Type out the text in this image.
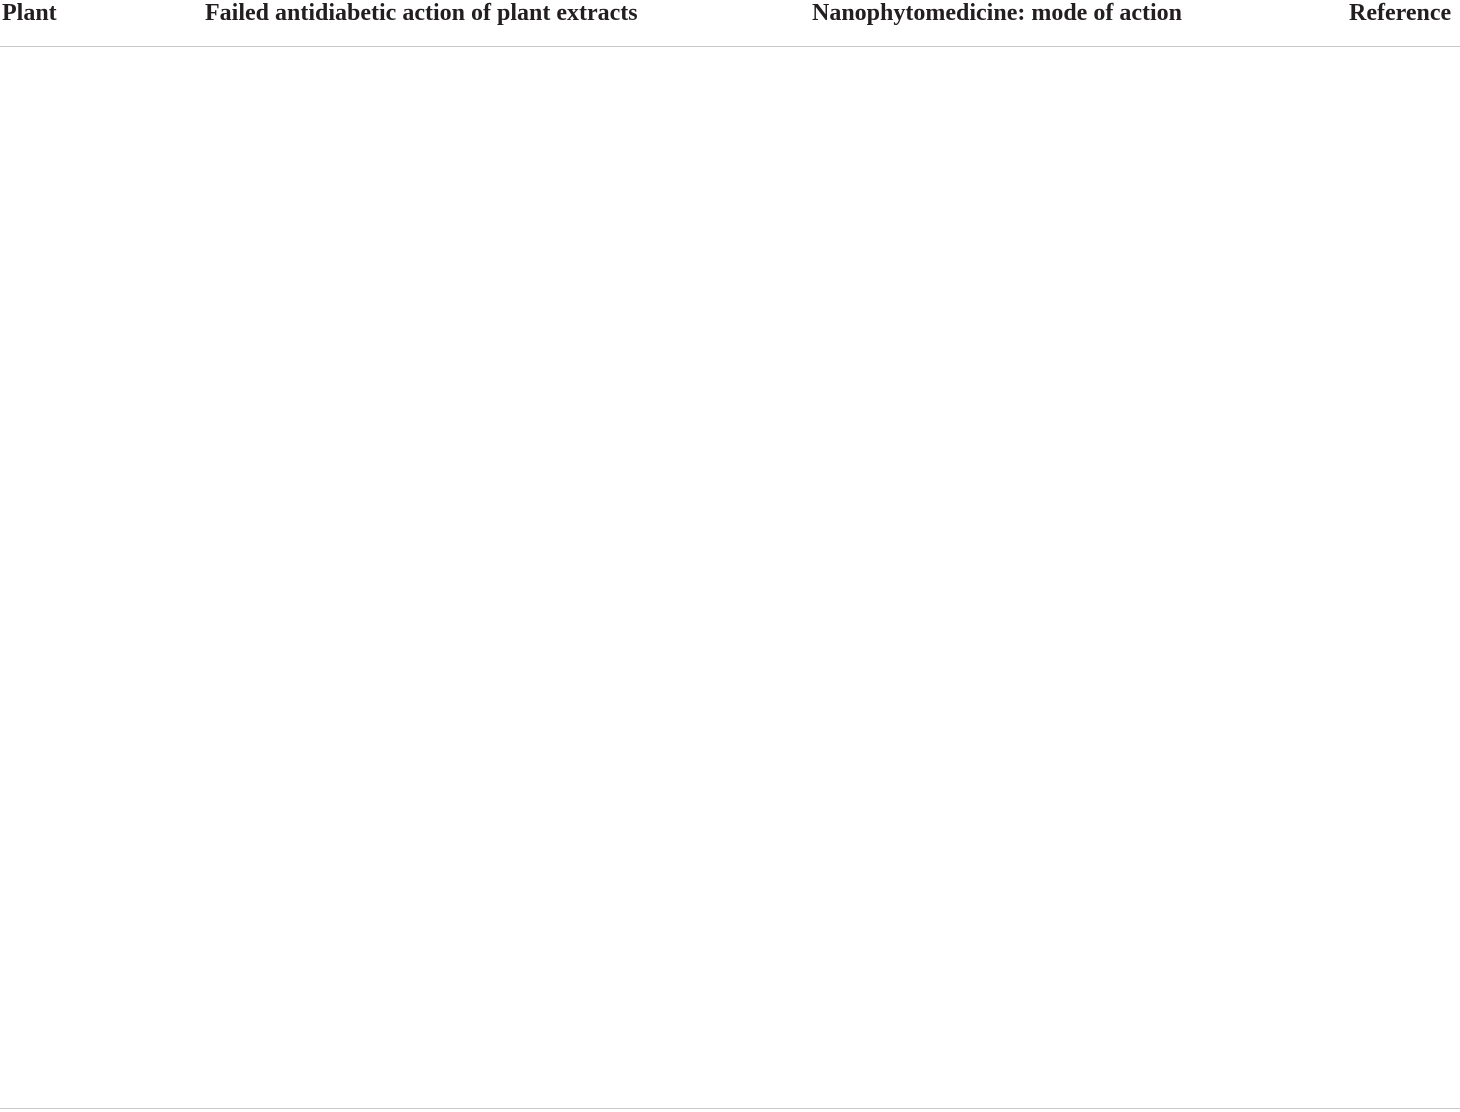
Plant	Failed antidiabetic action of plant extracts	Nanophytomedicine: mode of action	Reference
